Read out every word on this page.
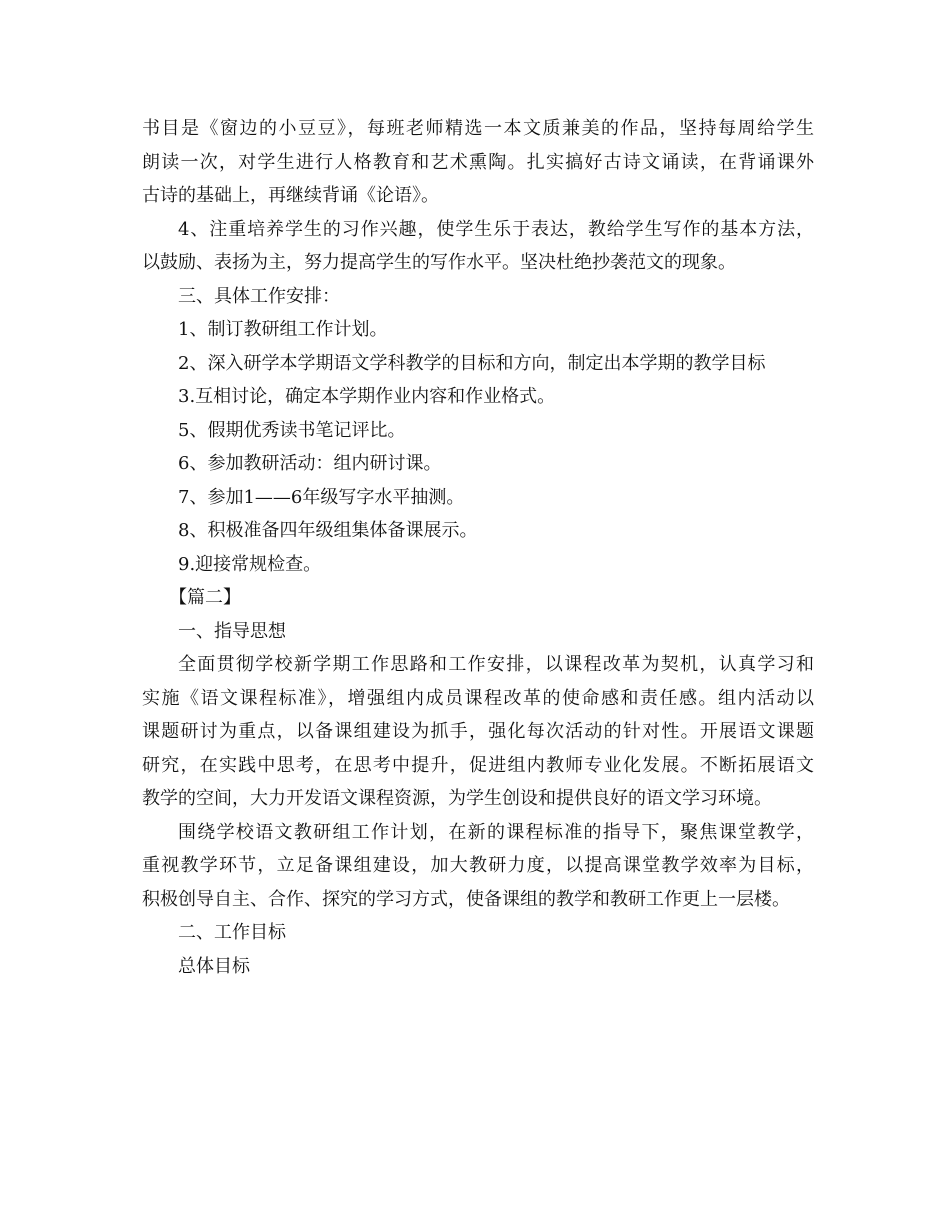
书目是《窗边的小豆豆》，每班老师精选一本文质兼美的作品，坚持每周给学生
朗读一次，对学生进行人格教育和艺术熏陶。扎实搞好古诗文诵读，在背诵课外
古诗的基础上，再继续背诵《论语》。
4、注重培养学生的习作兴趣，使学生乐于表达，教给学生写作的基本方法，
以鼓励、表扬为主，努力提高学生的写作水平。坚决杜绝抄袭范文的现象。
三、具体工作安排：
1、制订教研组工作计划。
2、深入研学本学期语文学科教学的目标和方向，制定出本学期的教学目标
3.互相讨论，确定本学期作业内容和作业格式。
5、假期优秀读书笔记评比。
6、参加教研活动：组内研讨课。
7、参加1——6年级写字水平抽测。
8、积极准备四年级组集体备课展示。
9.迎接常规检查。
【篇二】
一、指导思想
全面贯彻学校新学期工作思路和工作安排，以课程改革为契机，认真学习和
实施《语文课程标准》，增强组内成员课程改革的使命感和责任感。组内活动以
课题研讨为重点，以备课组建设为抓手，强化每次活动的针对性。开展语文课题
研究，在实践中思考，在思考中提升，促进组内教师专业化发展。不断拓展语文
教学的空间，大力开发语文课程资源，为学生创设和提供良好的语文学习环境。
围绕学校语文教研组工作计划，在新的课程标准的指导下，聚焦课堂教学，
重视教学环节，立足备课组建设，加大教研力度，以提高课堂教学效率为目标，
积极创导自主、合作、探究的学习方式，使备课组的教学和教研工作更上一层楼。
二、工作目标
总体目标
